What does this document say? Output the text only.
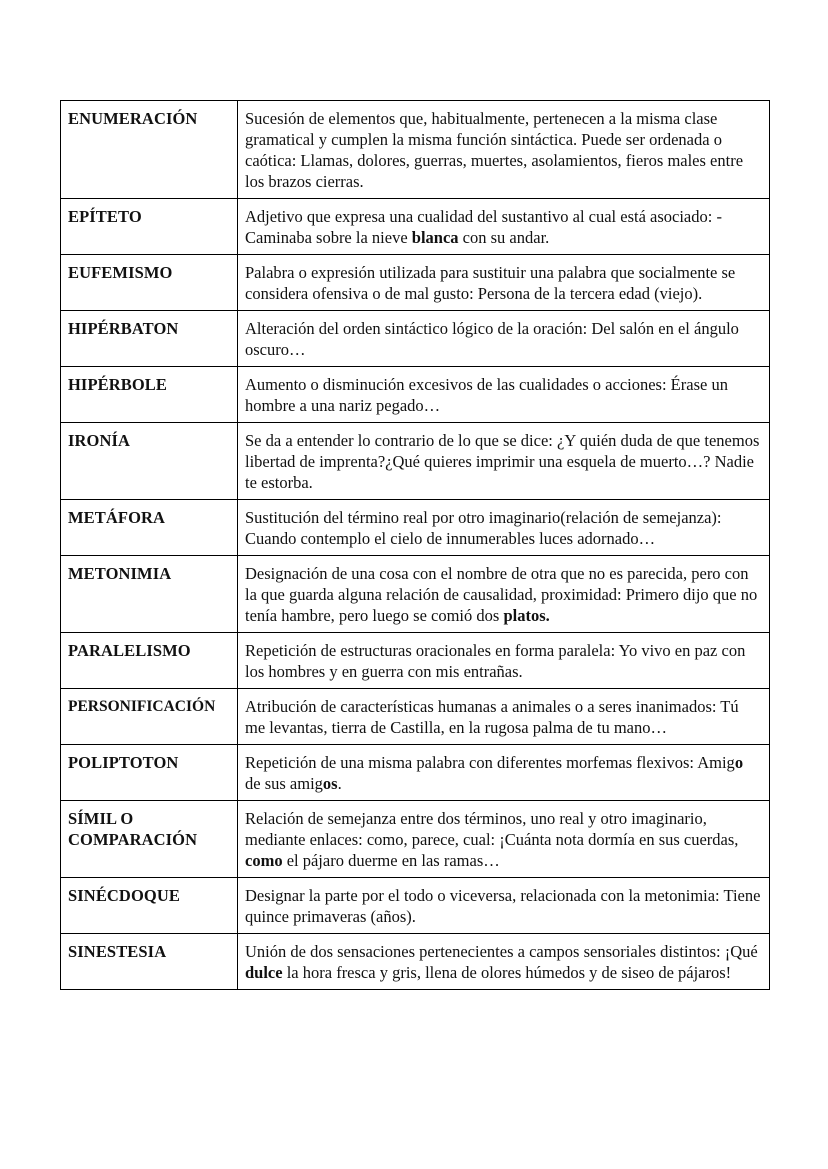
ENUMERACIÓN	Sucesión de elementos que, habitualmente, pertenecen a la misma clase gramatical y cumplen la misma función sintáctica. Puede ser ordenada o caótica: Llamas, dolores, guerras, muertes, asolamientos, fieros males entre los brazos cierras.
EPÍTETO	Adjetivo que expresa una cualidad del sustantivo al cual está asociado: -Caminaba sobre la nieve blanca con su andar.
EUFEMISMO	Palabra o expresión utilizada para sustituir una palabra que socialmente se considera ofensiva o de mal gusto: Persona de la tercera edad (viejo).
HIPÉRBATON	Alteración del orden sintáctico lógico de la oración: Del salón en el ángulo oscuro…
HIPÉRBOLE	Aumento o disminución excesivos de las cualidades o acciones: Érase un hombre a una nariz pegado…
IRONÍA	Se da a entender lo contrario de lo que se dice: ¿Y quién duda de que tenemos libertad de imprenta?¿Qué quieres imprimir una esquela de muerto…? Nadie te estorba.
METÁFORA	Sustitución del término real por otro imaginario(relación de semejanza): Cuando contemplo el cielo de innumerables luces adornado…
METONIMIA	Designación de una cosa con el nombre de otra que no es parecida, pero con la que guarda alguna relación de causalidad, proximidad: Primero dijo que no tenía hambre, pero luego se comió dos platos.
PARALELISMO	Repetición de estructuras oracionales en forma paralela: Yo vivo en paz con los hombres y en guerra con mis entrañas.
PERSONIFICACIÓN	Atribución de características humanas a animales o a seres inanimados: Tú me levantas, tierra de Castilla, en la rugosa palma de tu mano…
POLIPTOTON	Repetición de una misma palabra con diferentes morfemas flexivos: Amigo de sus amigos.
SÍMIL O COMPARACIÓN	Relación de semejanza entre dos términos, uno real y otro imaginario, mediante enlaces: como, parece, cual: ¡Cuánta nota dormía en sus cuerdas, como el pájaro duerme en las ramas…
SINÉCDOQUE	Designar la parte por el todo o viceversa, relacionada con la metonimia: Tiene quince primaveras (años).
SINESTESIA	Unión de dos sensaciones pertenecientes a campos sensoriales distintos: ¡Qué dulce la hora fresca y gris, llena de olores húmedos y de siseo de pájaros!
